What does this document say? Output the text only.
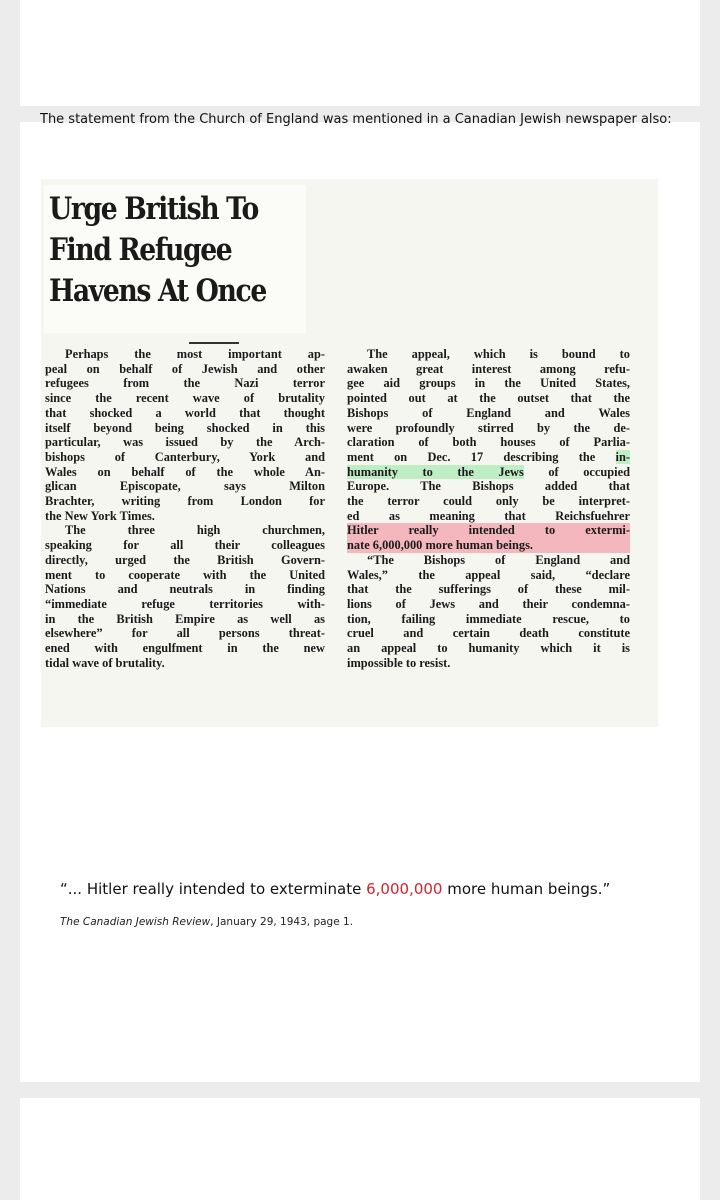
The statement from the Church of England was mentioned in a Canadian Jewish newspaper also:
Urge British To
Find Refugee
Havens At Once
Perhaps the most important ap-
peal on behalf of Jewish and other
refugees from the Nazi terror
since the recent wave of brutality
that shocked a world that thought
itself beyond being shocked in this
particular, was issued by the Arch-
bishops of Canterbury, York and
Wales on behalf of the whole An-
glican Episcopate, says Milton
Brachter, writing from London for
the New York Times.
The three high churchmen,
speaking for all their colleagues
directly, urged the British Govern-
ment to cooperate with the United
Nations and neutrals in finding
“immediate refuge territories with-
in the British Empire as well as
elsewhere” for all persons threat-
ened with engulfment in the new
tidal wave of brutality.
The appeal, which is bound to
awaken great interest among refu-
gee aid groups in the United States,
pointed out at the outset that the
Bishops of England and Wales
were profoundly stirred by the de-
claration of both houses of Parlia-
ment on Dec. 17 describing the in-
humanity to the Jews of occupied
Europe. The Bishops added that
the terror could only be interpret-
ed as meaning that Reichsfuehrer
Hitler really intended to extermi-
nate 6,000,000 more human beings.
“The Bishops of England and
Wales,” the appeal said, “declare
that the sufferings of these mil-
lions of Jews and their condemna-
tion, failing immediate rescue, to
cruel and certain death constitute
an appeal to humanity which it is
impossible to resist.
“... Hitler really intended to exterminate 6,000,000 more human beings.”
The Canadian Jewish Review, January 29, 1943, page 1.
